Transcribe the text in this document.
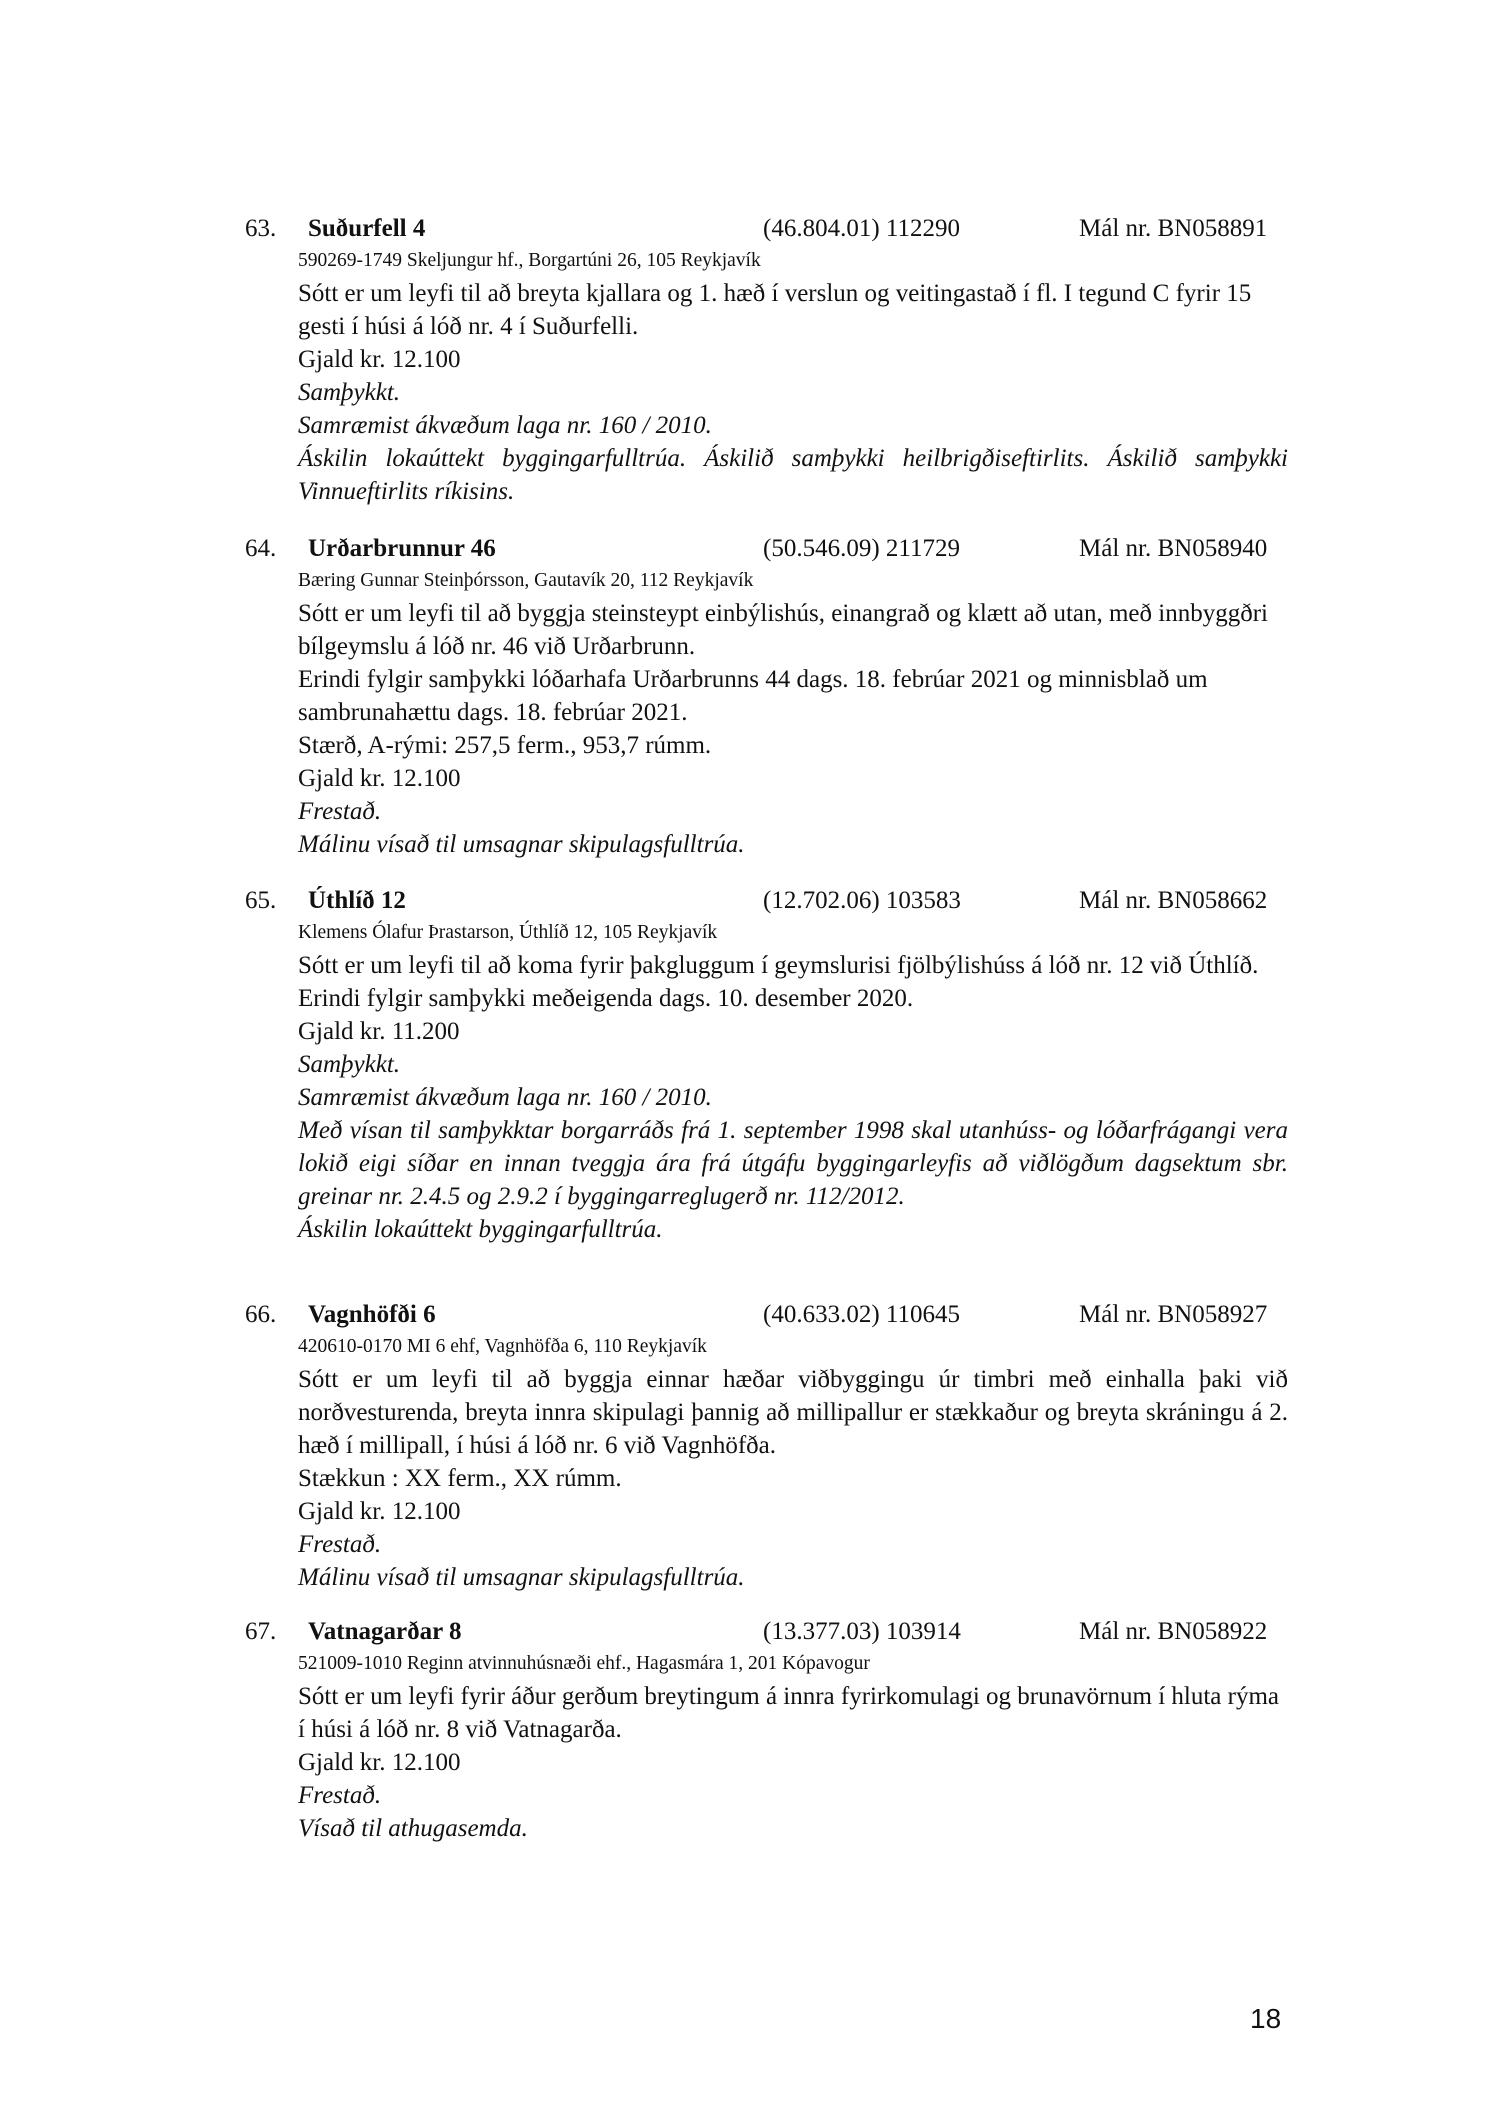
63. Suðurfell 4	(46.804.01) 112290	Mál nr. BN058891
590269-1749 Skeljungur hf., Borgartúni 26, 105 Reykjavík
Sótt er um leyfi til að breyta kjallara og 1. hæð í verslun og veitingastað í fl. I tegund C fyrir 15 gesti í húsi á lóð nr. 4 í Suðurfelli.
Gjald kr. 12.100
Samþykkt.
Samræmist ákvæðum laga nr. 160 / 2010.
Áskilin lokaúttekt byggingarfulltrúa. Áskilið samþykki heilbrigðiseftirlits. Áskilið samþykki Vinnueftirlits ríkisins.
64. Urðarbrunnur 46	(50.546.09) 211729	Mál nr. BN058940
Bæring Gunnar Steinþórsson, Gautavík 20, 112 Reykjavík
Sótt er um leyfi til að byggja steinsteypt einbýlishús, einangrað og klætt að utan, með innbyggðri bílgeymslu á lóð nr. 46 við Urðarbrunn.
Erindi fylgir samþykki lóðarhafa Urðarbrunns 44 dags. 18. febrúar 2021 og minnisblað um sambrunahættu dags. 18. febrúar 2021.
Stærð, A-rými: 257,5 ferm., 953,7 rúmm.
Gjald kr. 12.100
Frestað.
Málinu vísað til umsagnar skipulagsfulltrúa.
65. Úthlíð 12	(12.702.06) 103583	Mál nr. BN058662
Klemens Ólafur Þrastarson, Úthlíð 12, 105 Reykjavík
Sótt er um leyfi til að koma fyrir þakgluggum í geymslurisi fjölbýlishúss á lóð nr. 12 við Úthlíð.
Erindi fylgir samþykki meðeigenda dags. 10. desember 2020.
Gjald kr. 11.200
Samþykkt.
Samræmist ákvæðum laga nr. 160 / 2010.
Með vísan til samþykktar borgarráðs frá 1. september 1998 skal utanhúss- og lóðarfrágangi vera lokið eigi síðar en innan tveggja ára frá útgáfu byggingarleyfis að viðlögðum dagsektum sbr. greinar nr. 2.4.5 og 2.9.2 í byggingarreglugerð nr. 112/2012.
Áskilin lokaúttekt byggingarfulltrúa.
66. Vagnhöfði 6	(40.633.02) 110645	Mál nr. BN058927
420610-0170 MI 6 ehf, Vagnhöfða 6, 110 Reykjavík
Sótt er um leyfi til að byggja einnar hæðar viðbyggingu úr timbri með einhalla þaki við norðvesturenda, breyta innra skipulagi þannig að millipallur er stækkaður og breyta skráningu á 2. hæð í millipall, í húsi á lóð nr. 6 við Vagnhöfða.
Stækkun : XX ferm., XX rúmm.
Gjald kr. 12.100
Frestað.
Málinu vísað til umsagnar skipulagsfulltrúa.
67. Vatnagarðar 8	(13.377.03) 103914	Mál nr. BN058922
521009-1010 Reginn atvinnuhúsnæði ehf., Hagasmára 1, 201 Kópavogur
Sótt er um leyfi fyrir áður gerðum breytingum á innra fyrirkomulagi og brunavörnum í hluta rýma í húsi á lóð nr. 8 við Vatnagarða.
Gjald kr. 12.100
Frestað.
Vísað til athugasemda.
18
